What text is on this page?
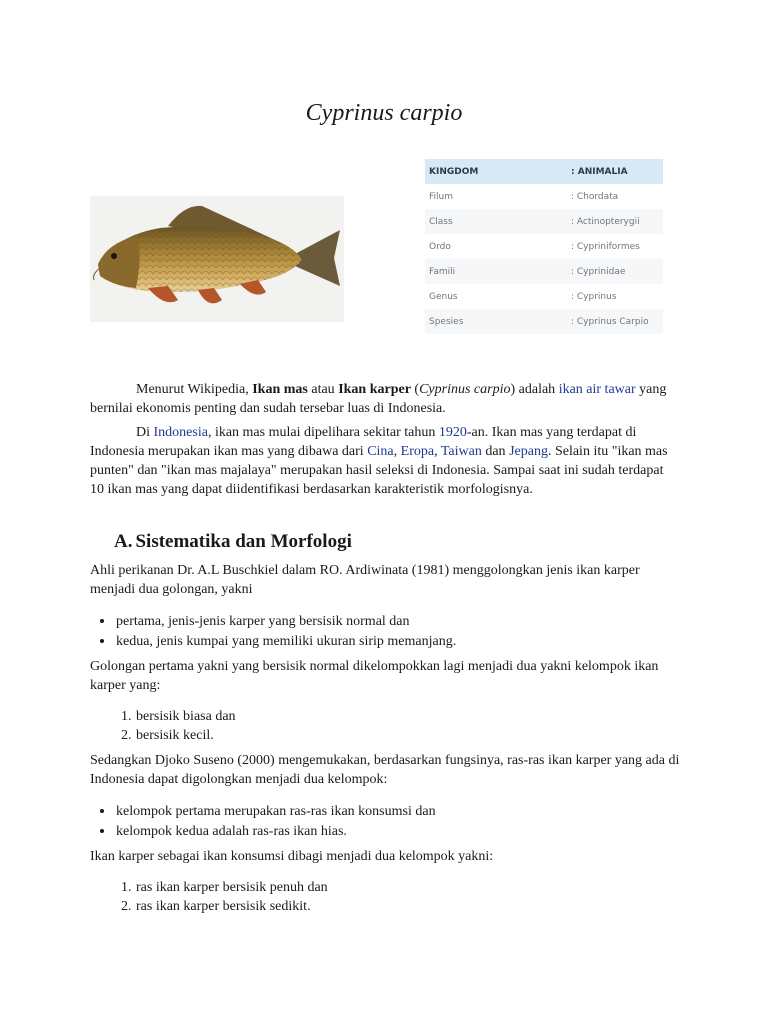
Cyprinus carpio
KINGDOM	: ANIMALIA
Filum	: Chordata
Class	: Actinopterygii
Ordo	: Cypriniformes
Famili	: Cyprinidae
Genus	: Cyprinus
Spesies	: Cyprinus Carpio

Menurut Wikipedia, Ikan mas atau Ikan karper (Cyprinus carpio) adalah ikan air tawar yang bernilai ekonomis penting dan sudah tersebar luas di Indonesia.

Di Indonesia, ikan mas mulai dipelihara sekitar tahun 1920-an. Ikan mas yang terdapat di Indonesia merupakan ikan mas yang dibawa dari Cina, Eropa, Taiwan dan Jepang. Selain itu "ikan mas punten" dan "ikan mas majalaya" merupakan hasil seleksi di Indonesia. Sampai saat ini sudah terdapat 10 ikan mas yang dapat diidentifikasi berdasarkan karakteristik morfologisnya.

A. Sistematika dan Morfologi

Ahli perikanan Dr. A.L Buschkiel dalam RO. Ardiwinata (1981) menggolongkan jenis ikan karper menjadi dua golongan, yakni

• pertama, jenis-jenis karper yang bersisik normal dan
• kedua, jenis kumpai yang memiliki ukuran sirip memanjang.

Golongan pertama yakni yang bersisik normal dikelompokkan lagi menjadi dua yakni kelompok ikan karper yang:

1. bersisik biasa dan
2. bersisik kecil.

Sedangkan Djoko Suseno (2000) mengemukakan, berdasarkan fungsinya, ras-ras ikan karper yang ada di Indonesia dapat digolongkan menjadi dua kelompok:

• kelompok pertama merupakan ras-ras ikan konsumsi dan
• kelompok kedua adalah ras-ras ikan hias.

Ikan karper sebagai ikan konsumsi dibagi menjadi dua kelompok yakni:

1. ras ikan karper bersisik penuh dan
2. ras ikan karper bersisik sedikit.
